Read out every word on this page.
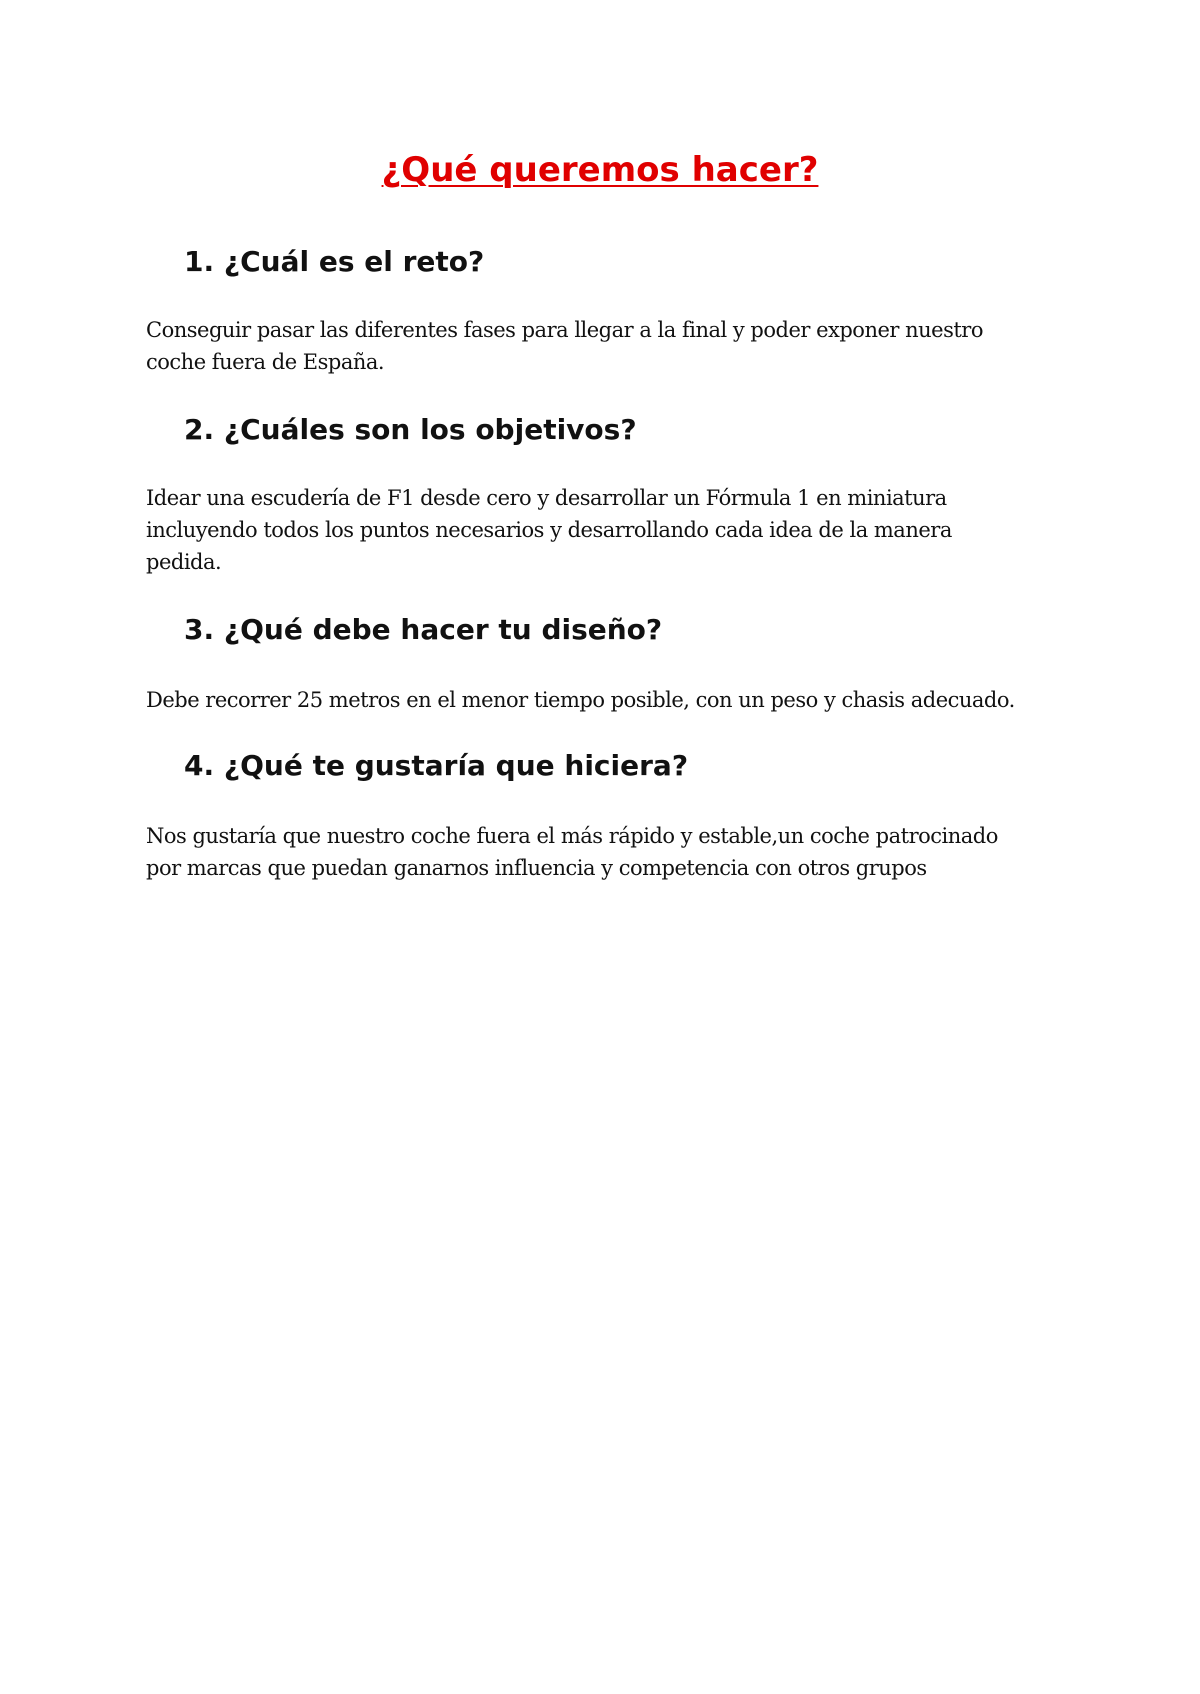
¿Qué queremos hacer?
1. ¿Cuál es el reto?

Conseguir pasar las diferentes fases para llegar a la final y poder exponer nuestro
coche fuera de España.

2. ¿Cuáles son los objetivos?

Idear una escudería de F1 desde cero y desarrollar un Fórmula 1 en miniatura
incluyendo todos los puntos necesarios y desarrollando cada idea de la manera
pedida.

3. ¿Qué debe hacer tu diseño?

Debe recorrer 25 metros en el menor tiempo posible, con un peso y chasis adecuado.

4. ¿Qué te gustaría que hiciera?

Nos gustaría que nuestro coche fuera el más rápido y estable,un coche patrocinado
por marcas que puedan ganarnos influencia y competencia con otros grupos
